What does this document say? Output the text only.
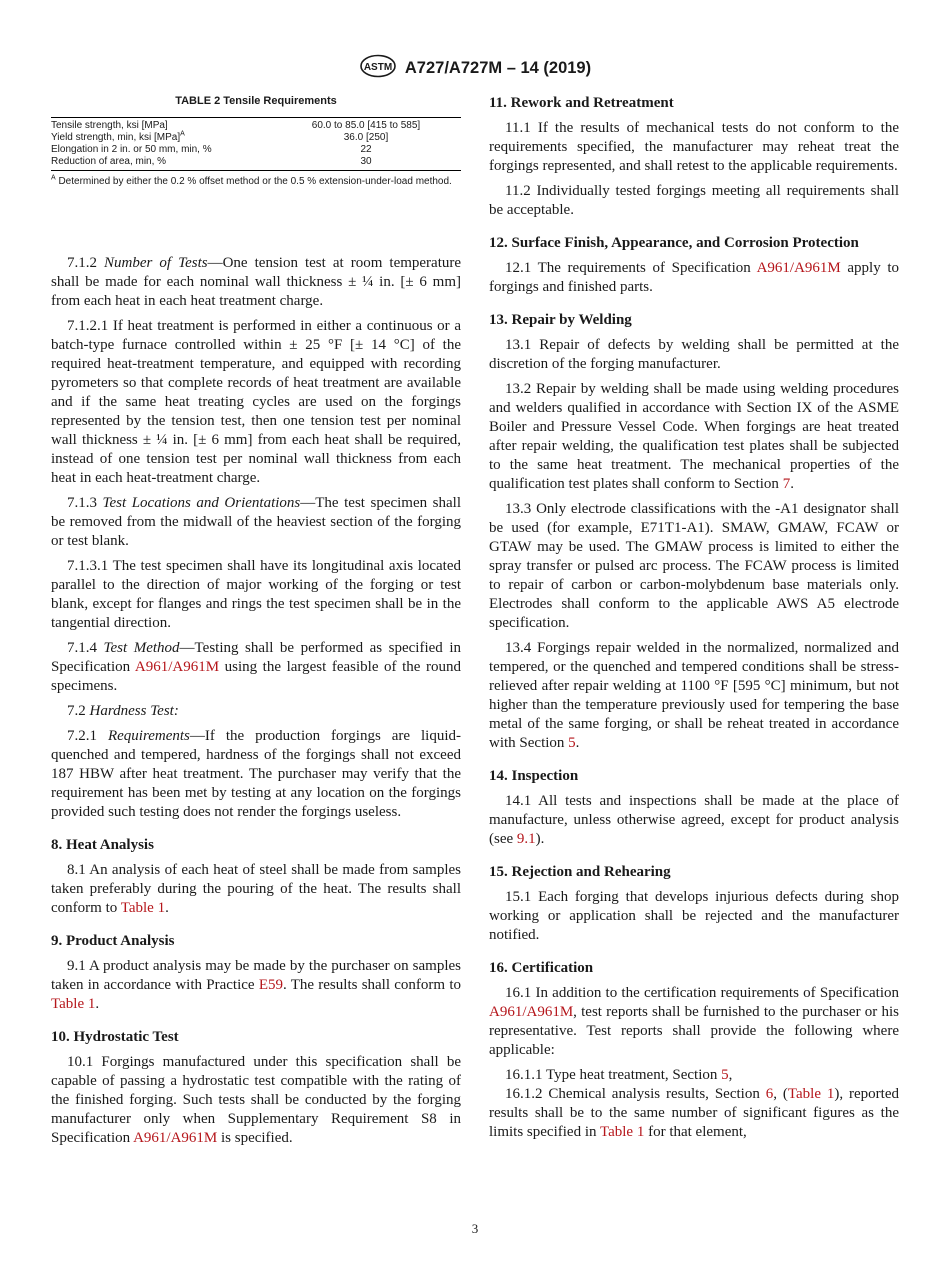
ASTM A727/A727M – 14 (2019)
TABLE 2 Tensile Requirements
Tensile strength, ksi [MPa]	60.0 to 85.0 [415 to 585]
Yield strength, min, ksi [MPa]$^A$	36.0 [250]
Elongation in 2 in. or 50 mm, min, %	22
Reduction of area, min, %	30
$^A$ Determined by either the 0.2 % offset method or the 0.5 % extension-under-load method.

7.1.2 Number of Tests—One tension test at room temperature shall be made for each nominal wall thickness ± ¼ in. [± 6 mm] from each heat in each heat treatment charge.

7.1.2.1 If heat treatment is performed in either a continuous or a batch-type furnace controlled within ± 25 °F [± 14 °C] of the required heat-treatment temperature, and equipped with recording pyrometers so that complete records of heat treatment are available and if the same heat treating cycles are used on the forgings represented by the tension test, then one tension test per nominal wall thickness ± ¼ in. [± 6 mm] from each heat shall be required, instead of one tension test per nominal wall thickness from each heat in each heat-treatment charge.

7.1.3 Test Locations and Orientations—The test specimen shall be removed from the midwall of the heaviest section of the forging or test blank.

7.1.3.1 The test specimen shall have its longitudinal axis located parallel to the direction of major working of the forging or test blank, except for flanges and rings the test specimen shall be in the tangential direction.

7.1.4 Test Method—Testing shall be performed as specified in Specification A961/A961M using the largest feasible of the round specimens.

7.2 Hardness Test:

7.2.1 Requirements—If the production forgings are liquid-quenched and tempered, hardness of the forgings shall not exceed 187 HBW after heat treatment. The purchaser may verify that the requirement has been met by testing at any location on the forgings provided such testing does not render the forgings useless.

8. Heat Analysis

8.1 An analysis of each heat of steel shall be made from samples taken preferably during the pouring of the heat. The results shall conform to Table 1.

9. Product Analysis

9.1 A product analysis may be made by the purchaser on samples taken in accordance with Practice E59. The results shall conform to Table 1.

10. Hydrostatic Test

10.1 Forgings manufactured under this specification shall be capable of passing a hydrostatic test compatible with the rating of the finished forging. Such tests shall be conducted by the forging manufacturer only when Supplementary Requirement S8 in Specification A961/A961M is specified.

11. Rework and Retreatment

11.1 If the results of mechanical tests do not conform to the requirements specified, the manufacturer may reheat treat the forgings represented, and shall retest to the applicable requirements.

11.2 Individually tested forgings meeting all requirements shall be acceptable.

12. Surface Finish, Appearance, and Corrosion Protection

12.1 The requirements of Specification A961/A961M apply to forgings and finished parts.

13. Repair by Welding

13.1 Repair of defects by welding shall be permitted at the discretion of the forging manufacturer.

13.2 Repair by welding shall be made using welding procedures and welders qualified in accordance with Section IX of the ASME Boiler and Pressure Vessel Code. When forgings are heat treated after repair welding, the qualification test plates shall be subjected to the same heat treatment. The mechanical properties of the qualification test plates shall conform to Section 7.

13.3 Only electrode classifications with the -A1 designator shall be used (for example, E71T1-A1). SMAW, GMAW, FCAW or GTAW may be used. The GMAW process is limited to either the spray transfer or pulsed arc process. The FCAW process is limited to repair of carbon or carbon-molybdenum base materials only. Electrodes shall conform to the applicable AWS A5 electrode specification.

13.4 Forgings repair welded in the normalized, normalized and tempered, or the quenched and tempered conditions shall be stress-relieved after repair welding at 1100 °F [595 °C] minimum, but not higher than the temperature previously used for tempering the base metal of the same forging, or shall be reheat treated in accordance with Section 5.

14. Inspection

14.1 All tests and inspections shall be made at the place of manufacture, unless otherwise agreed, except for product analysis (see 9.1).

15. Rejection and Rehearing

15.1 Each forging that develops injurious defects during shop working or application shall be rejected and the manufacturer notified.

16. Certification

16.1 In addition to the certification requirements of Specification A961/A961M, test reports shall be furnished to the purchaser or his representative. Test reports shall provide the following where applicable:

16.1.1 Type heat treatment, Section 5,

16.1.2 Chemical analysis results, Section 6, (Table 1), reported results shall be to the same number of significant figures as the limits specified in Table 1 for that element,

3
